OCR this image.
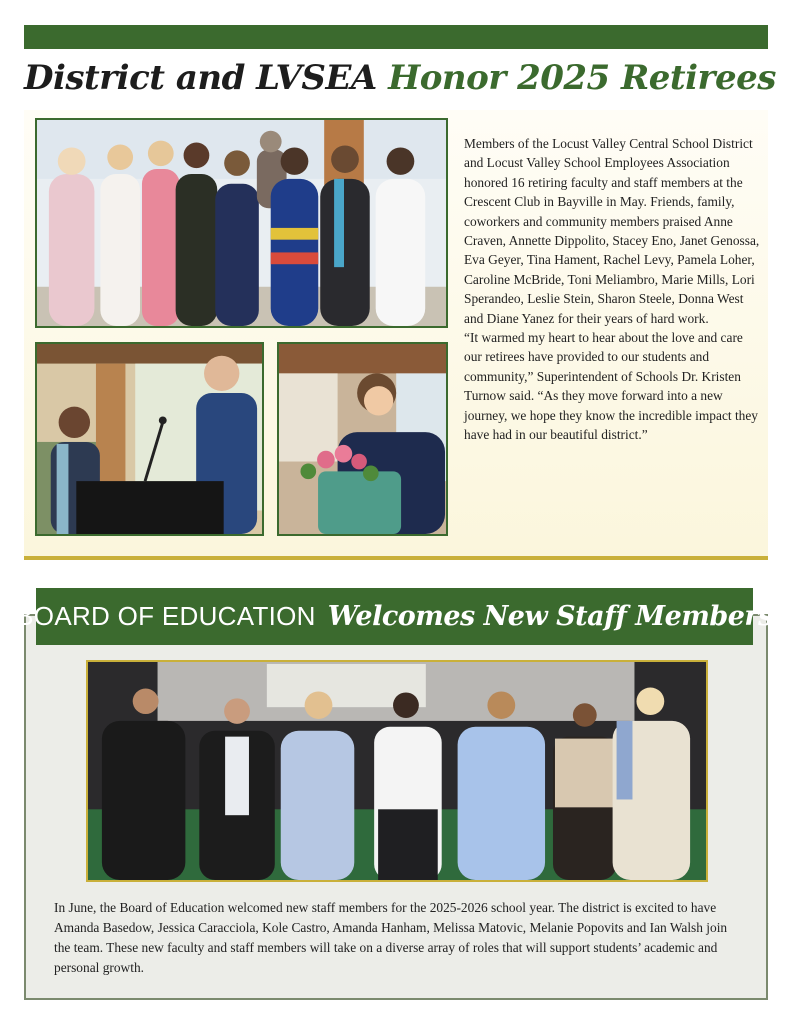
District and LVSEA Honor 2025 Retirees

Members of the Locust Valley Central School District and Locust Valley School Employees Association honored 16 retiring faculty and staff members at the Crescent Club in Bayville in May. Friends, family, coworkers and community members praised Anne Craven, Annette Dippolito, Stacey Eno, Janet Genossa, Eva Geyer, Tina Hament, Rachel Levy, Pamela Loher, Caroline McBride, Toni Meliambro, Marie Mills, Lori Sperandeo, Leslie Stein, Sharon Steele, Donna West and Diane Yanez for their years of hard work.

“It warmed my heart to hear about the love and care our retirees have provided to our students and community,” Superintendent of Schools Dr. Kristen Turnow said. “As they move forward into a new journey, we hope they know the incredible impact they have had in our beautiful district.”

BOARD OF EDUCATION Welcomes New Staff Members

In June, the Board of Education welcomed new staff members for the 2025-2026 school year. The district is excited to have Amanda Basedow, Jessica Caracciola, Kole Castro, Amanda Hanham, Melissa Matovic, Melanie Popovits and Ian Walsh join the team. These new faculty and staff members will take on a diverse array of roles that will support students’ academic and personal growth.
